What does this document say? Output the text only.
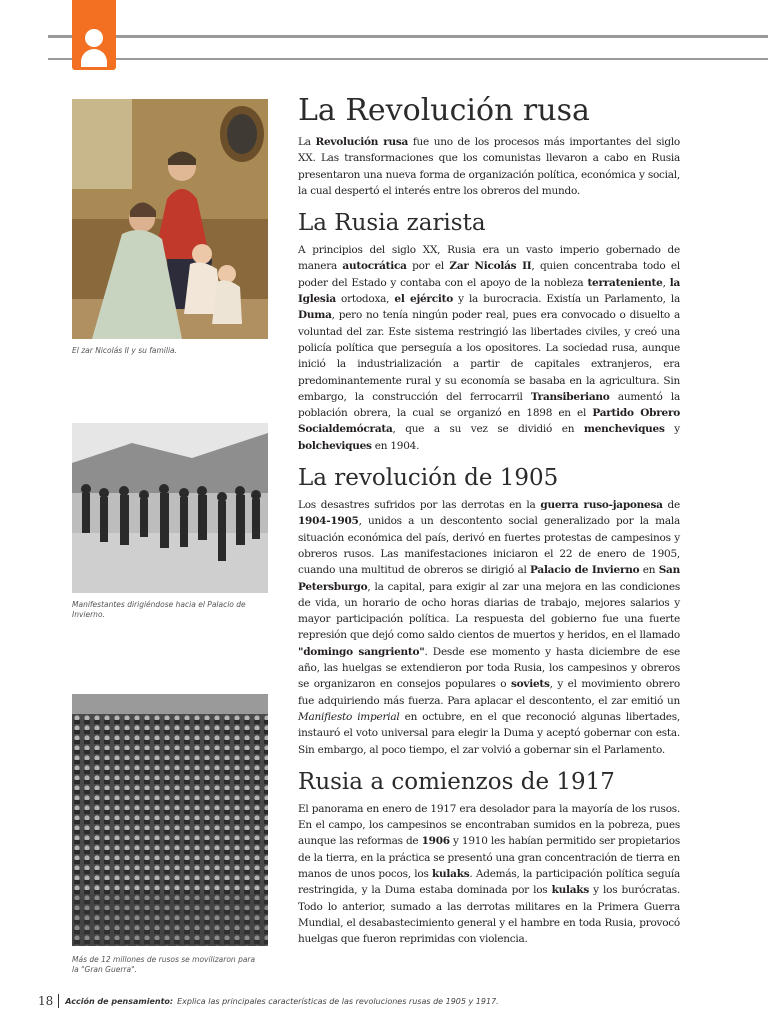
El zar Nicolás II y su familia.
Manifestantes dirigiéndose hacia el Palacio de Invierno.
Más de 12 millones de rusos se movilizaron para la "Gran Guerra".
La Revolución rusa

La Revolución rusa fue uno de los procesos más importantes del siglo XX. Las transformaciones que los comunistas llevaron a cabo en Rusia presentaron una nueva forma de organización política, económica y social, la cual despertó el interés entre los obreros del mundo.

La Rusia zarista

A principios del siglo XX, Rusia era un vasto imperio gobernado de manera autocrática por el Zar Nicolás II, quien concentraba todo el poder del Estado y contaba con el apoyo de la nobleza terrateniente, la Iglesia ortodoxa, el ejército y la burocracia. Existía un Parlamento, la Duma, pero no tenía ningún poder real, pues era convocado o disuelto a voluntad del zar. Este sistema restringió las libertades civiles, y creó una policía política que perseguía a los opositores. La sociedad rusa, aunque inició la industrialización a partir de capitales extranjeros, era predominantemente rural y su economía se basaba en la agricultura. Sin embargo, la construcción del ferrocarril Transiberiano aumentó la población obrera, la cual se organizó en 1898 en el Partido Obrero Socialdemócrata, que a su vez se dividió en mencheviques y bolcheviques en 1904.

La revolución de 1905

Los desastres sufridos por las derrotas en la guerra ruso-japonesa de 1904-1905, unidos a un descontento social generalizado por la mala situación económica del país, derivó en fuertes protestas de campesinos y obreros rusos. Las manifestaciones iniciaron el 22 de enero de 1905, cuando una multitud de obreros se dirigió al Palacio de Invierno en San Petersburgo, la capital, para exigir al zar una mejora en las condiciones de vida, un horario de ocho horas diarias de trabajo, mejores salarios y mayor participación política. La respuesta del gobierno fue una fuerte represión que dejó como saldo cientos de muertos y heridos, en el llamado "domingo sangriento". Desde ese momento y hasta diciembre de ese año, las huelgas se extendieron por toda Rusia, los campesinos y obreros se organizaron en consejos populares o soviets, y el movimiento obrero fue adquiriendo más fuerza. Para aplacar el descontento, el zar emitió un Manifiesto imperial en octubre, en el que reconoció algunas libertades, instauró el voto universal para elegir la Duma y aceptó gobernar con esta. Sin embargo, al poco tiempo, el zar volvió a gobernar sin el Parlamento.

Rusia a comienzos de 1917

El panorama en enero de 1917 era desolador para la mayoría de los rusos. En el campo, los campesinos se encontraban sumidos en la pobreza, pues aunque las reformas de 1906 y 1910 les habían permitido ser propietarios de la tierra, en la práctica se presentó una gran concentración de tierra en manos de unos pocos, los kulaks. Además, la participación política seguía restringida, y la Duma estaba dominada por los kulaks y los burócratas. Todo lo anterior, sumado a las derrotas militares en la Primera Guerra Mundial, el desabastecimiento general y el hambre en toda Rusia, provocó huelgas que fueron reprimidas con violencia.

18 Acción de pensamiento: Explica las principales características de las revoluciones rusas de 1905 y 1917.
